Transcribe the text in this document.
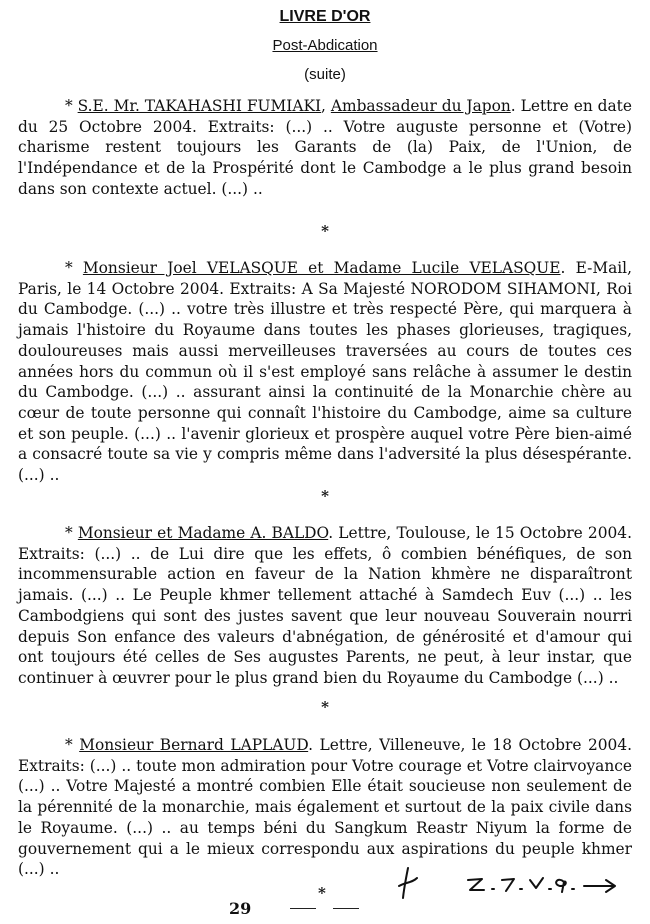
LIVRE D'OR
Post-Abdication
(suite)

* S.E. Mr. TAKAHASHI FUMIAKI, Ambassadeur du Japon. Lettre en date du 25 Octobre 2004. Extraits: (...) .. Votre auguste personne et (Votre) charisme restent toujours les Garants de (la) Paix, de l'Union, de l'Indépendance et de la Prospérité dont le Cambodge a le plus grand besoin dans son contexte actuel. (...) ..

*

* Monsieur Joel VELASQUE et Madame Lucile VELASQUE. E-Mail, Paris, le 14 Octobre 2004. Extraits: A Sa Majesté NORODOM SIHAMONI, Roi du Cambodge. (...) .. votre très illustre et très respecté Père, qui marquera à jamais l'histoire du Royaume dans toutes les phases glorieuses, tragiques, douloureuses mais aussi merveilleuses traversées au cours de toutes ces années hors du commun où il s'est employé sans relâche à assumer le destin du Cambodge. (...) .. assurant ainsi la continuité de la Monarchie chère au cœur de toute personne qui connaît l'histoire du Cambodge, aime sa culture et son peuple. (...) .. l'avenir glorieux et prospère auquel votre Père bien-aimé a consacré toute sa vie y compris même dans l'adversité la plus désespérante. (...) ..

*

* Monsieur et Madame A. BALDO. Lettre, Toulouse, le 15 Octobre 2004. Extraits: (...) .. de Lui dire que les effets, ô combien bénéfiques, de son incommensurable action en faveur de la Nation khmère ne disparaîtront jamais. (...) .. Le Peuple khmer tellement attaché à Samdech Euv (...) .. les Cambodgiens qui sont des justes savent que leur nouveau Souverain nourri depuis Son enfance des valeurs d'abnégation, de générosité et d'amour qui ont toujours été celles de Ses augustes Parents, ne peut, à leur instar, que continuer à œuvrer pour le plus grand bien du Royaume du Cambodge (...) ..

*

* Monsieur Bernard LAPLAUD. Lettre, Villeneuve, le 18 Octobre 2004. Extraits: (...) .. toute mon admiration pour Votre courage et Votre clairvoyance (...) .. Votre Majesté a montré combien Elle était soucieuse non seulement de la pérennité de la monarchie, mais également et surtout de la paix civile dans le Royaume. (...) .. au temps béni du Sangkum Reastr Niyum la forme de gouvernement qui a le mieux correspondu aux aspirations du peuple khmer (...) ..

*
29
